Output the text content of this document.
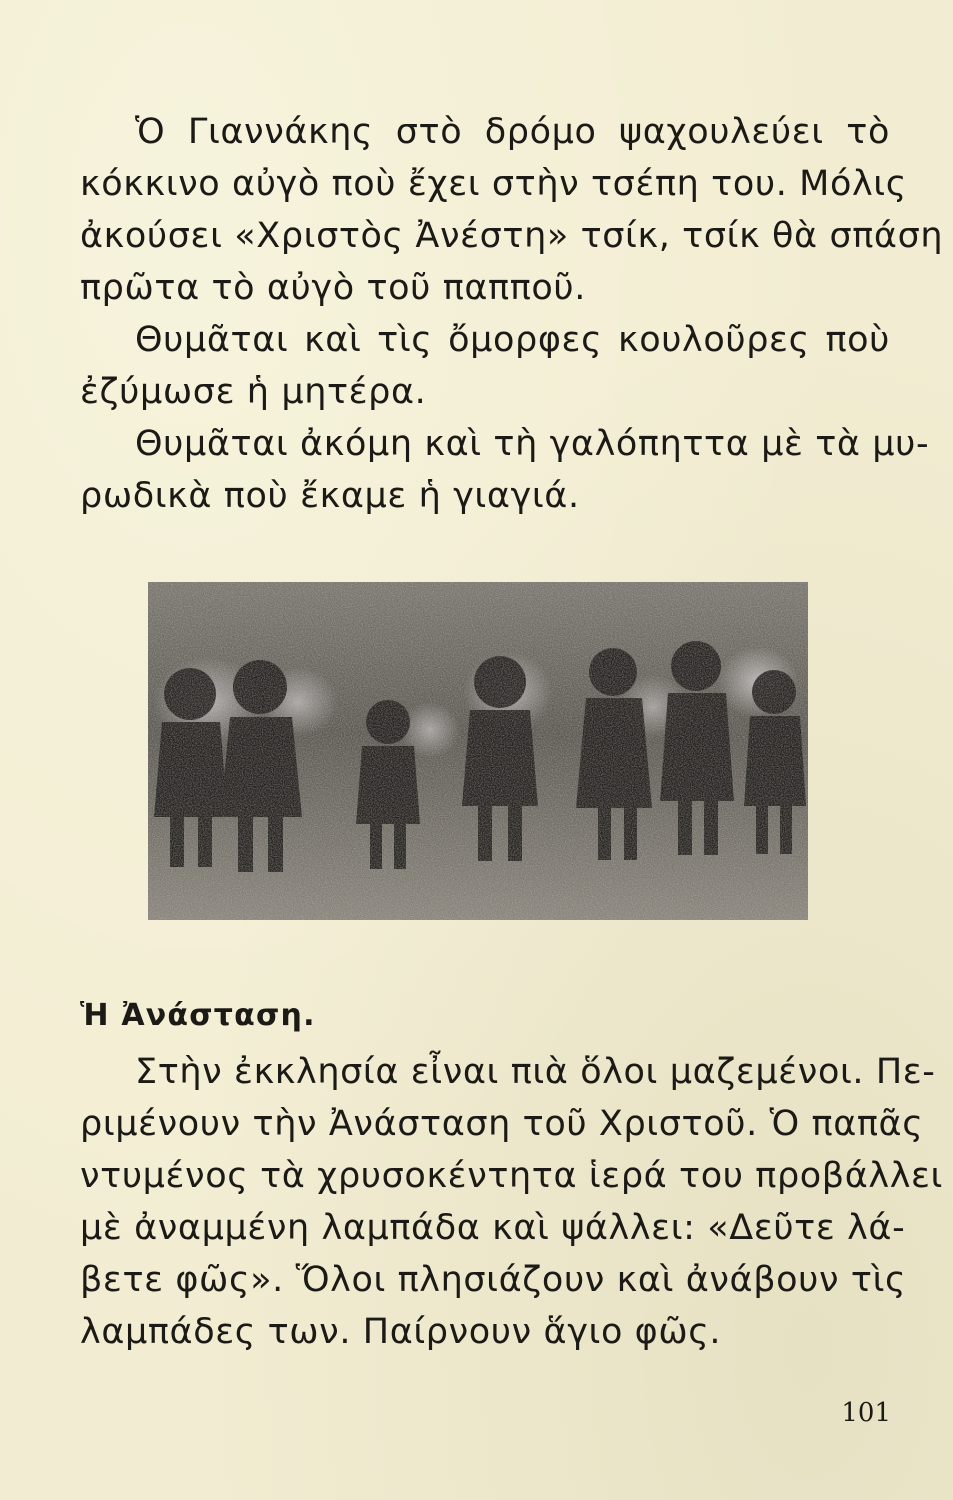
Ὁ Γιαννάκης στὸ δρόμο ψαχουλεύει τὸ
κόκκινο αὐγὸ ποὺ ἔχει στὴν τσέπη του. Μόλις
ἀκούσει «Χριστὸς Ἀνέστη» τσίκ, τσίκ θὰ σπάση
πρῶτα τὸ αὐγὸ τοῦ παπποῦ.
Θυμᾶται καὶ τὶς ὄμορφες κουλοῦρες ποὺ
ἐζύμωσε ἡ μητέρα.
Θυμᾶται ἀκόμη καὶ τὴ γαλόπηττα μὲ τὰ μυ-
ρωδικὰ ποὺ ἔκαμε ἡ γιαγιά.
Ἡ Ἀνάσταση.
Στὴν ἐκκλησία εἶναι πιὰ ὅλοι μαζεμένοι. Πε-
ριμένουν τὴν Ἀνάσταση τοῦ Χριστοῦ. Ὁ παπᾶς
ντυμένος τὰ χρυσοκέντητα ἱερά του προβάλλει
μὲ ἀναμμένη λαμπάδα καὶ ψάλλει: «Δεῦτε λά-
βετε φῶς». Ὅλοι πλησιάζουν καὶ ἀνάβουν τὶς
λαμπάδες των. Παίρνουν ἅγιο φῶς.
101
